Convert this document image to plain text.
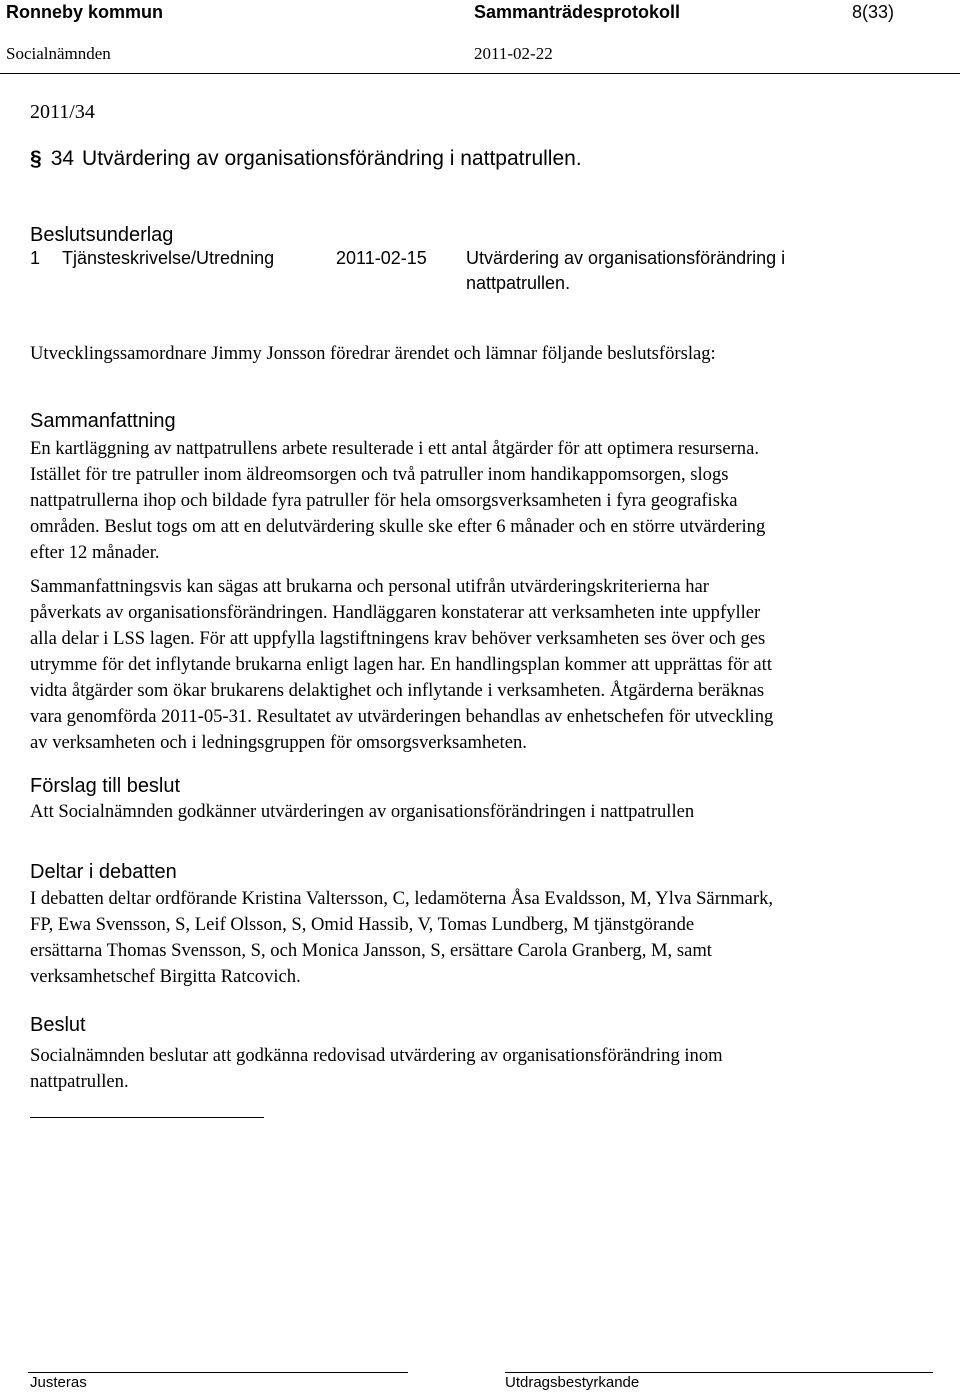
Ronneby kommun	Sammanträdesprotokoll	8(33)
Socialnämnden	2011-02-22
2011/34
§ 34 Utvärdering av organisationsförändring i nattpatrullen.
Beslutsunderlag
1 Tjänsteskrivelse/Utredning	2011-02-15 Utvärdering av organisationsförändring i
nattpatrullen.
Utvecklingssamordnare Jimmy Jonsson föredrar ärendet och lämnar följande beslutsförslag:
Sammanfattning
En kartläggning av nattpatrullens arbete resulterade i ett antal åtgärder för att optimera resurserna.
Istället för tre patruller inom äldreomsorgen och två patruller inom handikappomsorgen, slogs
nattpatrullerna ihop och bildade fyra patruller för hela omsorgsverksamheten i fyra geografiska
områden. Beslut togs om att en delutvärdering skulle ske efter 6 månader och en större utvärdering
efter 12 månader.
Sammanfattningsvis kan sägas att brukarna och personal utifrån utvärderingskriterierna har
påverkats av organisationsförändringen. Handläggaren konstaterar att verksamheten inte uppfyller
alla delar i LSS lagen. För att uppfylla lagstiftningens krav behöver verksamheten ses över och ges
utrymme för det inflytande brukarna enligt lagen har. En handlingsplan kommer att upprättas för att
vidta åtgärder som ökar brukarens delaktighet och inflytande i verksamheten. Åtgärderna beräknas
vara genomförda 2011-05-31. Resultatet av utvärderingen behandlas av enhetschefen för utveckling
av verksamheten och i ledningsgruppen för omsorgsverksamheten.
Förslag till beslut
Att Socialnämnden godkänner utvärderingen av organisationsförändringen i nattpatrullen
Deltar i debatten
I debatten deltar ordförande Kristina Valtersson, C, ledamöterna Åsa Evaldsson, M, Ylva Särnmark,
FP, Ewa Svensson, S, Leif Olsson, S, Omid Hassib, V, Tomas Lundberg, M tjänstgörande
ersättarna Thomas Svensson, S, och Monica Jansson, S, ersättare Carola Granberg, M, samt
verksamhetschef Birgitta Ratcovich.
Beslut
Socialnämnden beslutar att godkänna redovisad utvärdering av organisationsförändring inom
nattpatrullen.
Justeras	Utdragsbestyrkande
